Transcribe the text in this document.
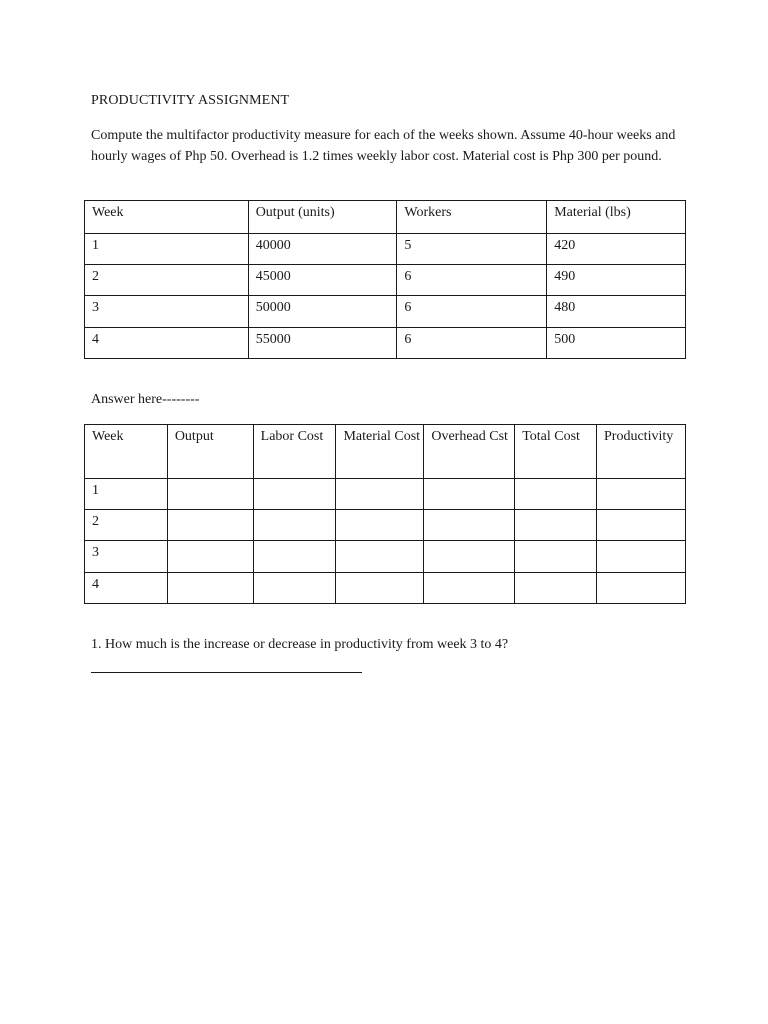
PRODUCTIVITY ASSIGNMENT
Compute the multifactor productivity measure for each of the weeks shown. Assume 40-hour weeks and hourly wages of Php 50. Overhead is 1.2 times weekly labor cost. Material cost is Php 300 per pound.
Week	Output (units)	Workers	Material (lbs)
1	40000	5	420
2	45000	6	490
3	50000	6	480
4	55000	6	500
Answer here--------
Week	Output	Labor Cost	Material Cost	Overhead Cst	Total Cost	Productivity
1						
2						
3						
4						
1. How much is the increase or decrease in productivity from week 3 to 4?
